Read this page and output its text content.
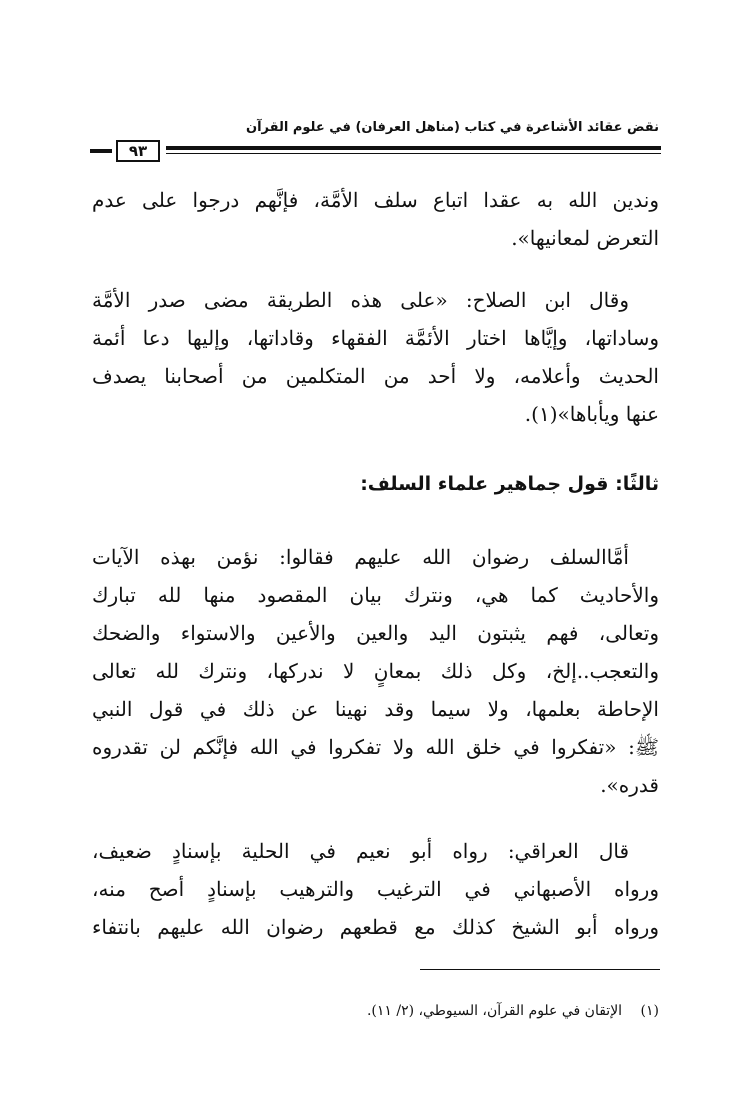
نقض عقائد الأشاعرة في كتاب (مناهل العرفان) في علوم القرآن
٩٣
وندين الله به عقدا اتباع سلف الأمَّة، فإنَّهم درجوا على عدم
التعرض لمعانيها».
وقال ابن الصلاح: «على هذه الطريقة مضى صدر الأمَّة
وساداتها، وإيَّاها اختار الأئمَّة الفقهاء وقاداتها، وإليها دعا أئمة
الحديث وأعلامه، ولا أحد من المتكلمين من أصحابنا يصدف
عنها ويأباها»(١).
ثالثًا: قول جماهير علماء السلف:
أمَّاالسلف رضوان الله عليهم فقالوا: نؤمن بهذه الآيات
والأحاديث كما هي، ونترك بيان المقصود منها لله تبارك
وتعالى، فهم يثبتون اليد والعين والأعين والاستواء والضحك
والتعجب..إلخ، وكل ذلك بمعانٍ لا ندركها، ونترك لله تعالى
الإحاطة بعلمها، ولا سيما وقد نهينا عن ذلك في قول النبي
ﷺ: «تفكروا في خلق الله ولا تفكروا في الله فإنَّكم لن تقدروه
قدره».
قال العراقي: رواه أبو نعيم في الحلية بإسنادٍ ضعيف،
ورواه الأصبهاني في الترغيب والترهيب بإسنادٍ أصح منه،
ورواه أبو الشيخ كذلك مع قطعهم رضوان الله عليهم بانتفاء
(١) الإتقان في علوم القرآن، السيوطي، (٢/ ١١).
